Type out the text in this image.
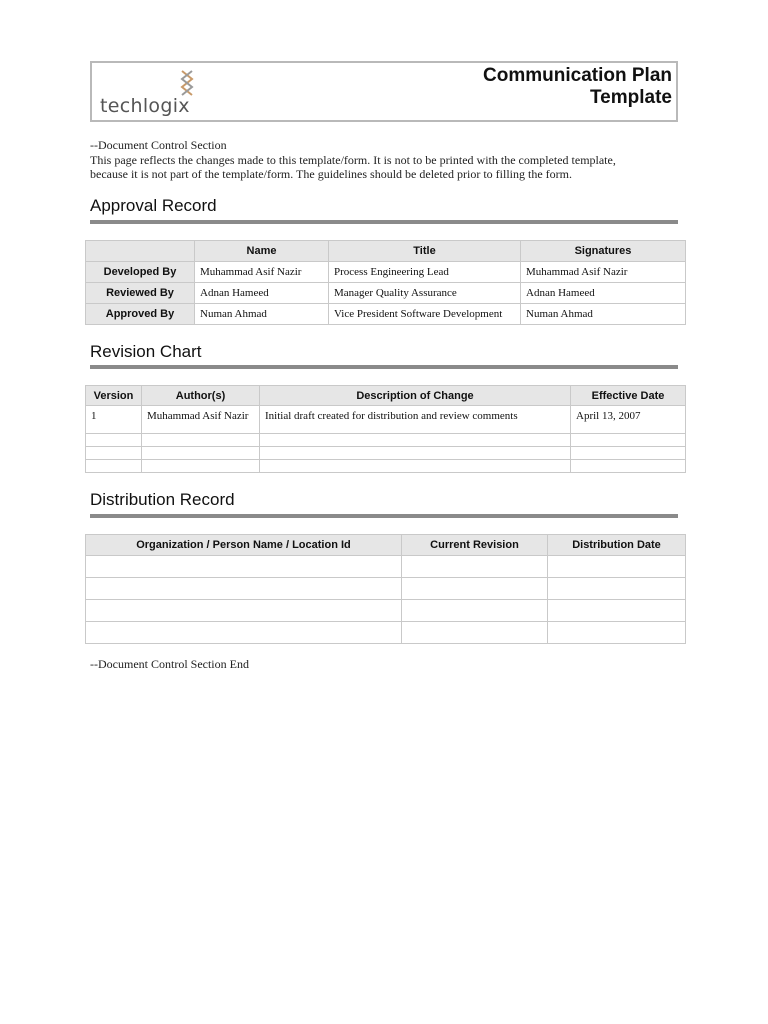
techlogix
Communication Plan
Template
--Document Control Section
This page reflects the changes made to this template/form. It is not to be printed with the completed template,
because it is not part of the template/form. The guidelines should be deleted prior to filling the form.
Approval Record
	Name	Title	Signatures
Developed By	Muhammad Asif Nazir	Process Engineering Lead	Muhammad Asif Nazir
Reviewed By	Adnan Hameed	Manager Quality Assurance	Adnan Hameed
Approved By	Numan Ahmad	Vice President Software Development	Numan Ahmad
Revision Chart
Version	Author(s)	Description of Change	Effective Date
1	Muhammad Asif Nazir	Initial draft created for distribution and review comments	April 13, 2007

Distribution Record
Organization / Person Name / Location Id	Current Revision	Distribution Date

--Document Control Section End
